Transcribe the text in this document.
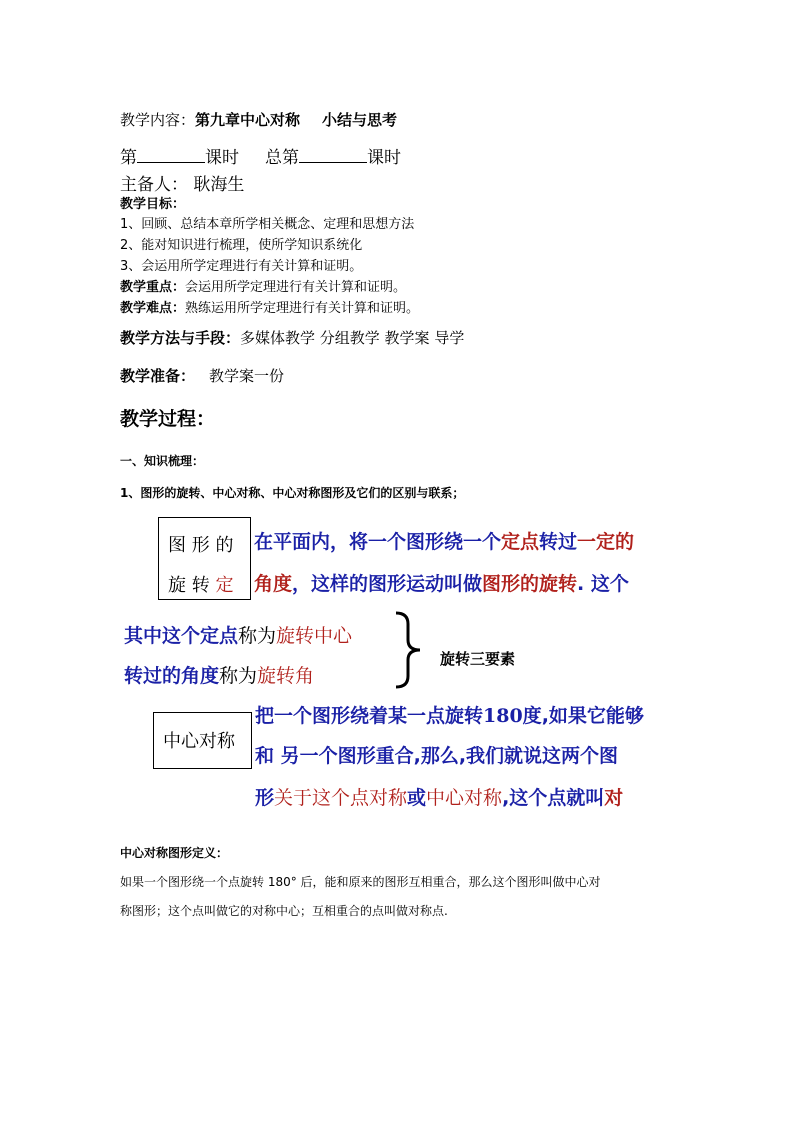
教学内容：第九章中心对称 小结与思考
第	课时 总第	课时
主备人： 耿海生
教学目标：
1、回顾、总结本章所学相关概念、定理和思想方法
2、能对知识进行梳理，使所学知识系统化
3、会运用所学定理进行有关计算和证明。
教学重点：会运用所学定理进行有关计算和证明。
教学难点：熟练运用所学定理进行有关计算和证明。
教学方法与手段：多媒体教学 分组教学 教学案 导学
教学准备： 教学案一份
教学过程：
一、知识梳理：
1、图形的旋转、中心对称、中心对称图形及它们的区别与联系；
图 形 的
旋 转 定
在平面内，将一个图形绕一个定点转过一定的
角度，这样的图形运动叫做图形的旋转. 这个
其中这个定点称为旋转中心
转过的角度称为旋转角
旋转三要素
中心对称
把一个图形绕着某一点旋转180度,如果它能够
和 另一个图形重合,那么,我们就说这两个图
形关于这个点对称或中心对称,这个点就叫对
中心对称图形定义：
如果一个图形绕一个点旋转 180° 后，能和原来的图形互相重合，那么这个图形叫做中心对
称图形；这个点叫做它的对称中心；互相重合的点叫做对称点.
